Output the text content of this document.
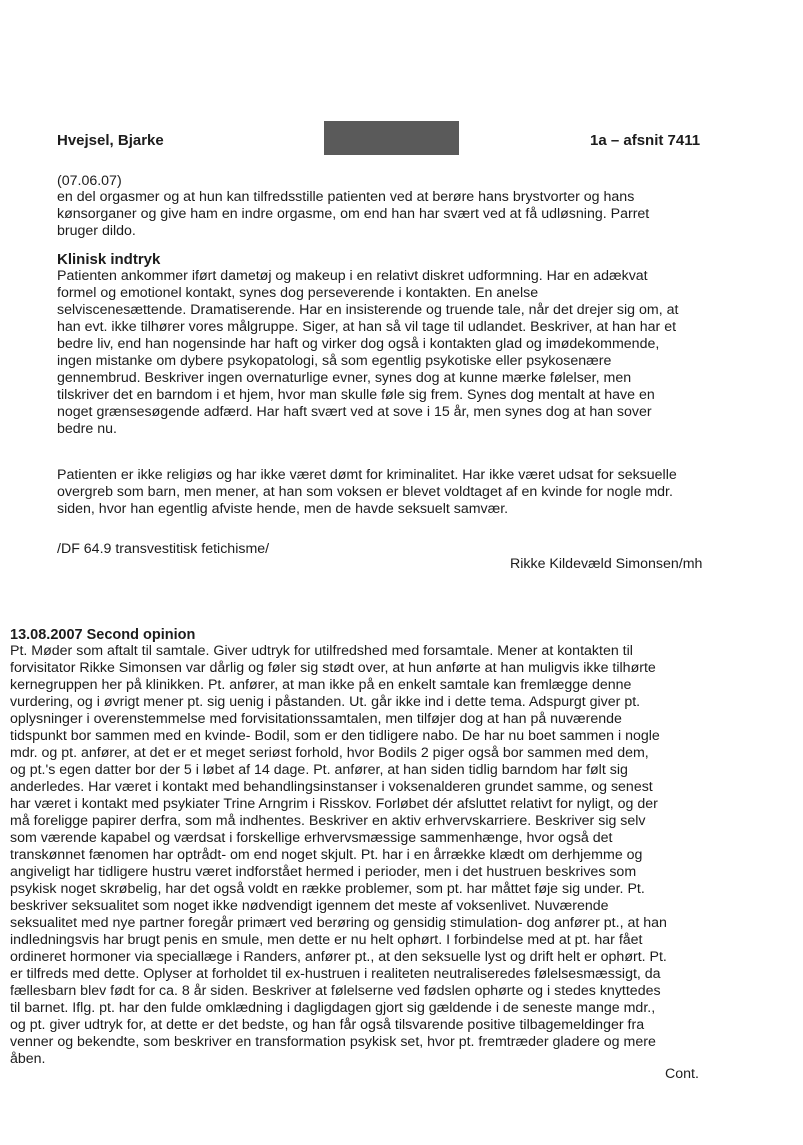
Hvejsel, Bjarke	1a – afsnit 7411
(07.06.07)
en del orgasmer og at hun kan tilfredsstille patienten ved at berøre hans brystvorter og hans
kønsorganer og give ham en indre orgasme, om end han har svært ved at få udløsning. Parret
bruger dildo.
Klinisk indtryk
Patienten ankommer iført dametøj og makeup i en relativt diskret udformning. Har en adækvat
formel og emotionel kontakt, synes dog perseverende i kontakten. En anelse
selviscenesættende. Dramatiserende. Har en insisterende og truende tale, når det drejer sig om, at
han evt. ikke tilhører vores målgruppe. Siger, at han så vil tage til udlandet. Beskriver, at han har et
bedre liv, end han nogensinde har haft og virker dog også i kontakten glad og imødekommende,
ingen mistanke om dybere psykopatologi, så som egentlig psykotiske eller psykosenære
gennembrud. Beskriver ingen overnaturlige evner, synes dog at kunne mærke følelser, men
tilskriver det en barndom i et hjem, hvor man skulle føle sig frem. Synes dog mentalt at have en
noget grænsesøgende adfærd. Har haft svært ved at sove i 15 år, men synes dog at han sover
bedre nu.
Patienten er ikke religiøs og har ikke været dømt for kriminalitet. Har ikke været udsat for seksuelle
overgreb som barn, men mener, at han som voksen er blevet voldtaget af en kvinde for nogle mdr.
siden, hvor han egentlig afviste hende, men de havde seksuelt samvær.
/DF 64.9 transvestitisk fetichisme/
Rikke Kildevæld Simonsen/mh
13.08.2007 Second opinion
Pt. Møder som aftalt til samtale. Giver udtryk for utilfredshed med forsamtale. Mener at kontakten til
forvisitator Rikke Simonsen var dårlig og føler sig stødt over, at hun anførte at han muligvis ikke tilhørte
kernegruppen her på klinikken. Pt. anfører, at man ikke på en enkelt samtale kan fremlægge denne
vurdering, og i øvrigt mener pt. sig uenig i påstanden. Ut. går ikke ind i dette tema. Adspurgt giver pt.
oplysninger i overenstemmelse med forvisitationssamtalen, men tilføjer dog at han på nuværende
tidspunkt bor sammen med en kvinde- Bodil, som er den tidligere nabo. De har nu boet sammen i nogle
mdr. og pt. anfører, at det er et meget seriøst forhold, hvor Bodils 2 piger også bor sammen med dem,
og pt.'s egen datter bor der 5 i løbet af 14 dage. Pt. anfører, at han siden tidlig barndom har følt sig
anderledes. Har været i kontakt med behandlingsinstanser i voksenalderen grundet samme, og senest
har været i kontakt med psykiater Trine Arngrim i Risskov. Forløbet dér afsluttet relativt for nyligt, og der
må foreligge papirer derfra, som må indhentes. Beskriver en aktiv erhvervskarriere. Beskriver sig selv
som værende kapabel og værdsat i forskellige erhvervsmæssige sammenhænge, hvor også det
transkønnet fænomen har optrådt- om end noget skjult. Pt. har i en årrække klædt om derhjemme og
angiveligt har tidligere hustru været indforstået hermed i perioder, men i det hustruen beskrives som
psykisk noget skrøbelig, har det også voldt en række problemer, som pt. har måttet føje sig under. Pt.
beskriver seksualitet som noget ikke nødvendigt igennem det meste af voksenlivet. Nuværende
seksualitet med nye partner foregår primært ved berøring og gensidig stimulation- dog anfører pt., at han
indledningsvis har brugt penis en smule, men dette er nu helt ophørt. I forbindelse med at pt. har fået
ordineret hormoner via speciallæge i Randers, anfører pt., at den seksuelle lyst og drift helt er ophørt. Pt.
er tilfreds med dette. Oplyser at forholdet til ex-hustruen i realiteten neutraliseredes følelsesmæssigt, da
fællesbarn blev født for ca. 8 år siden. Beskriver at følelserne ved fødslen ophørte og i stedes knyttedes
til barnet. Iflg. pt. har den fulde omklædning i dagligdagen gjort sig gældende i de seneste mange mdr.,
og pt. giver udtryk for, at dette er det bedste, og han får også tilsvarende positive tilbagemeldinger fra
venner og bekendte, som beskriver en transformation psykisk set, hvor pt. fremtræder gladere og mere
åben.
Cont.
